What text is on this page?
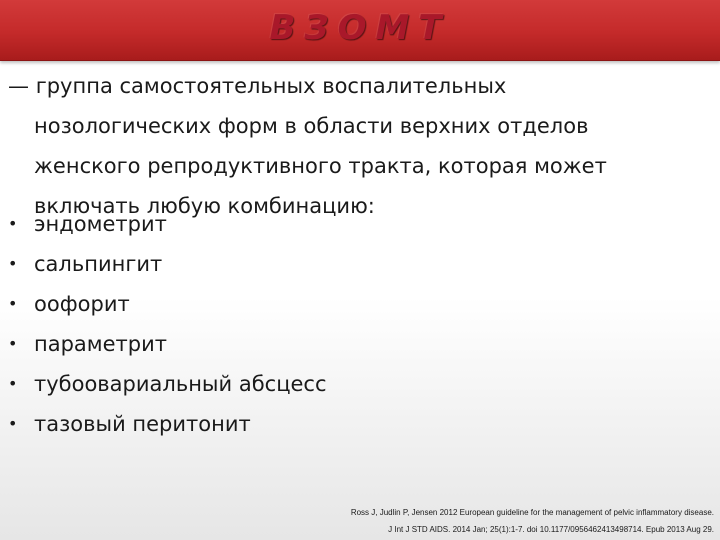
ВЗОМТ
— группа самостоятельных воспалительных
нозологических форм в области верхних отделов
женского репродуктивного тракта, которая может
включать любую комбинацию:
• эндометрит
• сальпингит
• оофорит
• параметрит
• тубоовариальный абсцесс
• тазовый перитонит
Ross J, Judlin P, Jensen 2012 European guideline for the management of pelvic inflammatory disease.
J Int J STD AIDS. 2014 Jan; 25(1):1-7. doi 10.1177/0956462413498714. Epub 2013 Aug 29.
